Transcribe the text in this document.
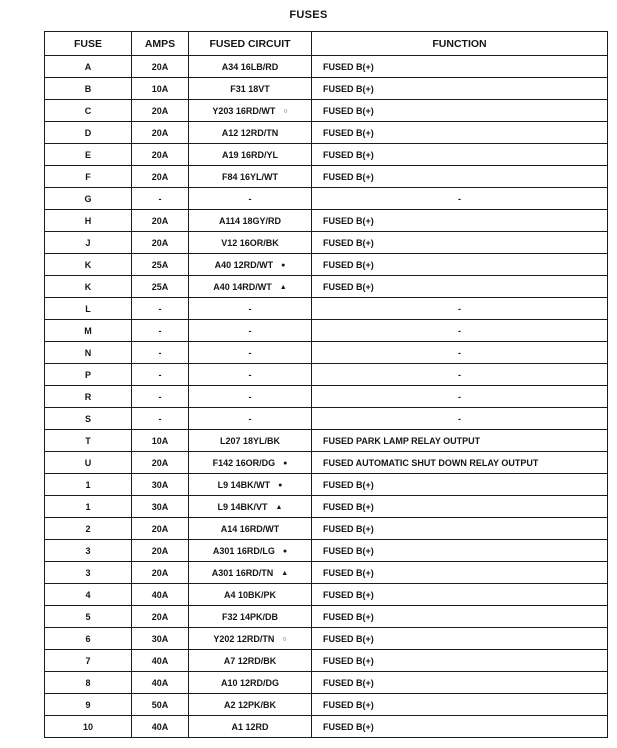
FUSES
FUSE	AMPS	FUSED CIRCUIT	FUNCTION
A	20A	A34 16LB/RD	FUSED B(+)
B	10A	F31 18VT	FUSED B(+)
C	20A	Y203 16RD/WT ○	FUSED B(+)
D	20A	A12 12RD/TN	FUSED B(+)
E	20A	A19 16RD/YL	FUSED B(+)
F	20A	F84 16YL/WT	FUSED B(+)
G	-	-	-
H	20A	A114 18GY/RD	FUSED B(+)
J	20A	V12 16OR/BK	FUSED B(+)
K	25A	A40 12RD/WT ●	FUSED B(+)
K	25A	A40 14RD/WT ▲	FUSED B(+)
L	-	-	-
M	-	-	-
N	-	-	-
P	-	-	-
R	-	-	-
S	-	-	-
T	10A	L207 18YL/BK	FUSED PARK LAMP RELAY OUTPUT
U	20A	F142 16OR/DG ●	FUSED AUTOMATIC SHUT DOWN RELAY OUTPUT
1	30A	L9 14BK/WT ●	FUSED B(+)
1	30A	L9 14BK/VT ▲	FUSED B(+)
2	20A	A14 16RD/WT	FUSED B(+)
3	20A	A301 16RD/LG ●	FUSED B(+)
3	20A	A301 16RD/TN ▲	FUSED B(+)
4	40A	A4 10BK/PK	FUSED B(+)
5	20A	F32 14PK/DB	FUSED B(+)
6	30A	Y202 12RD/TN ○	FUSED B(+)
7	40A	A7 12RD/BK	FUSED B(+)
8	40A	A10 12RD/DG	FUSED B(+)
9	50A	A2 12PK/BK	FUSED B(+)
10	40A	A1 12RD	FUSED B(+)
